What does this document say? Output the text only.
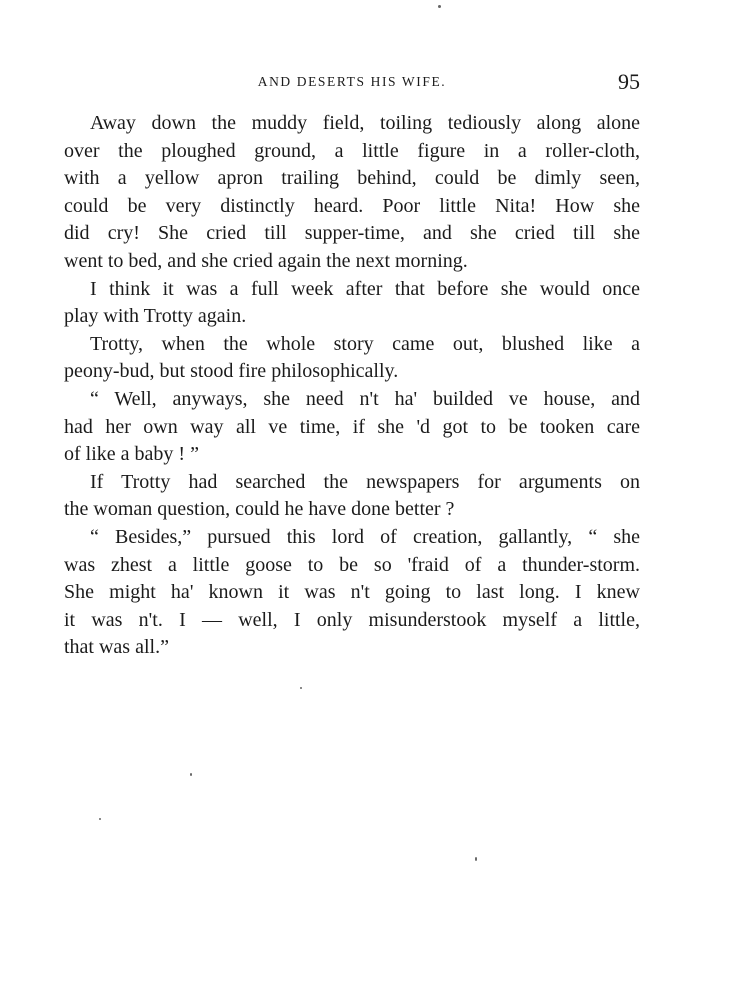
AND DESERTS HIS WIFE.	95
Away down the muddy field, toiling tediously along alone
over the ploughed ground, a little figure in a roller-cloth,
with a yellow apron trailing behind, could be dimly seen,
could be very distinctly heard. Poor little Nita! How she
did cry! She cried till supper-time, and she cried till she
went to bed, and she cried again the next morning.
I think it was a full week after that before she would once
play with Trotty again.
Trotty, when the whole story came out, blushed like a
peony-bud, but stood fire philosophically.
“ Well, anyways, she need n't ha' builded ve house, and
had her own way all ve time, if she 'd got to be tooken care
of like a baby ! ”
If Trotty had searched the newspapers for arguments on
the woman question, could he have done better ?
“ Besides,” pursued this lord of creation, gallantly, “ she
was zhest a little goose to be so 'fraid of a thunder-storm.
She might ha' known it was n't going to last long. I knew
it was n't. I — well, I only misunderstook myself a little,
that was all.”
